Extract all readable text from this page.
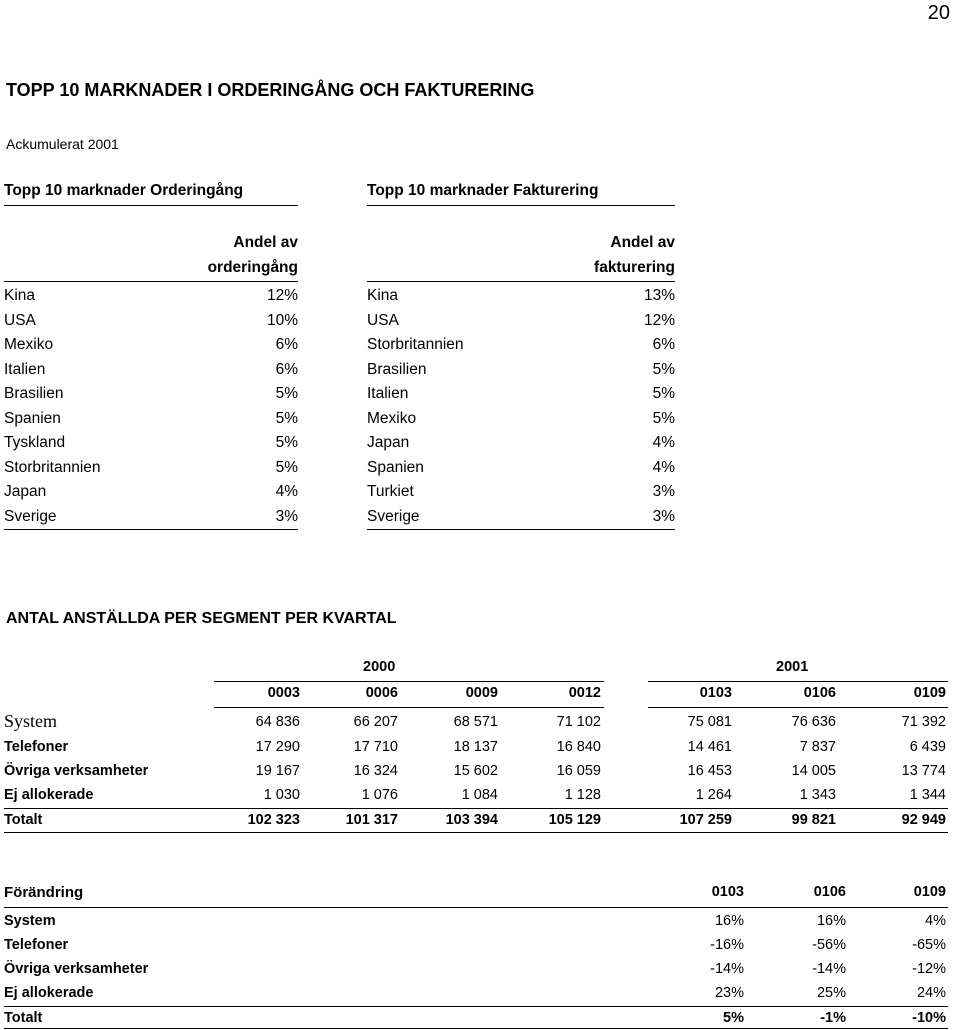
20
TOPP 10 MARKNADER I ORDERINGÅNG OCH FAKTURERING
Ackumulerat 2001
Topp 10 marknader Orderingång
Andel av
orderingång
Kina	12%
USA	10%
Mexiko	6%
Italien	6%
Brasilien	5%
Spanien	5%
Tyskland	5%
Storbritannien	5%
Japan	4%
Sverige	3%
Topp 10 marknader Fakturering
Andel av
fakturering
Kina	13%
USA	12%
Storbritannien	6%
Brasilien	5%
Italien	5%
Mexiko	5%
Japan	4%
Spanien	4%
Turkiet	3%
Sverige	3%
ANTAL ANSTÄLLDA PER SEGMENT PER KVARTAL
2000	2001
0003	0006	0009	0012	0103	0106	0109
System	64 836	66 207	68 571	71 102	75 081	76 636	71 392
Telefoner	17 290	17 710	18 137	16 840	14 461	7 837	6 439
Övriga verksamheter	19 167	16 324	15 602	16 059	16 453	14 005	13 774
Ej allokerade	1 030	1 076	1 084	1 128	1 264	1 343	1 344
Totalt	102 323	101 317	103 394	105 129	107 259	99 821	92 949
Förändring	0103	0106	0109
System	16%	16%	4%
Telefoner	-16%	-56%	-65%
Övriga verksamheter	-14%	-14%	-12%
Ej allokerade	23%	25%	24%
Totalt	5%	-1%	-10%
